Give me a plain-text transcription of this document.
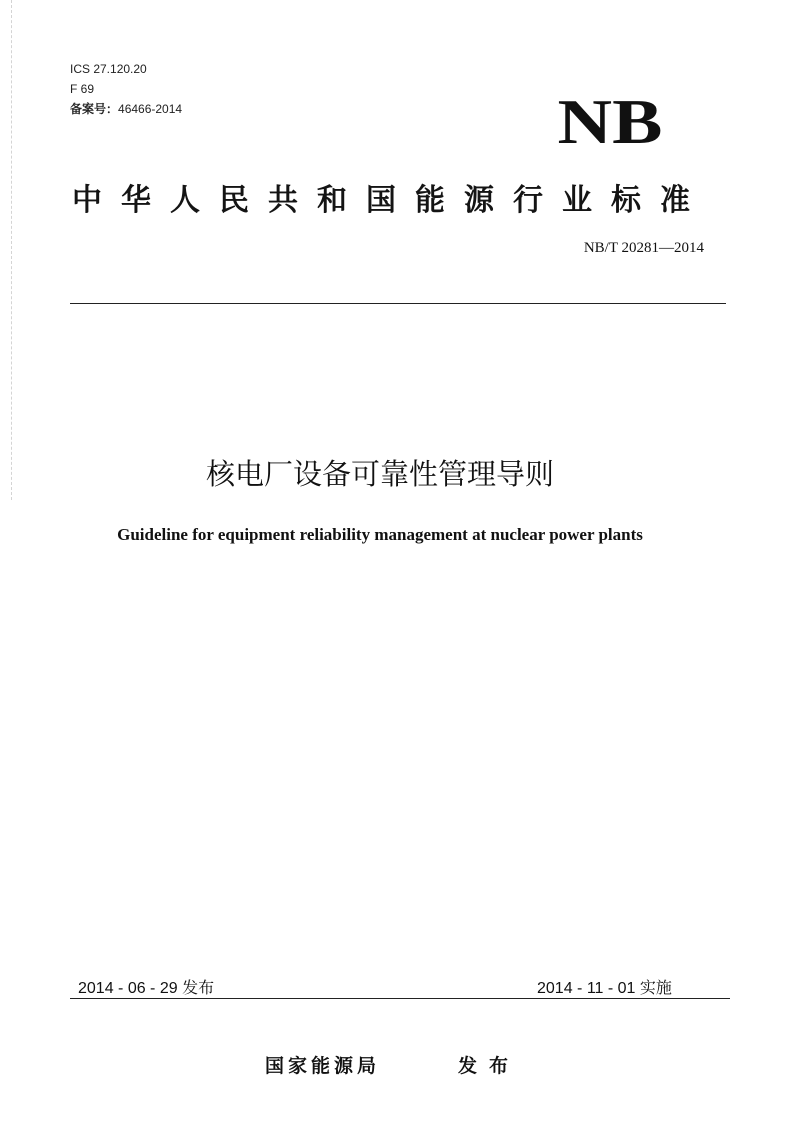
ICS 27.120.20
F 69
备案号：46466-2014	NB
中华人民共和国能源行业标准
NB/T 20281—2014
核电厂设备可靠性管理导则
Guideline for equipment reliability management at nuclear power plants
2014 - 06 - 29 发布	2014 - 11 - 01 实施
国家能源局	发布
